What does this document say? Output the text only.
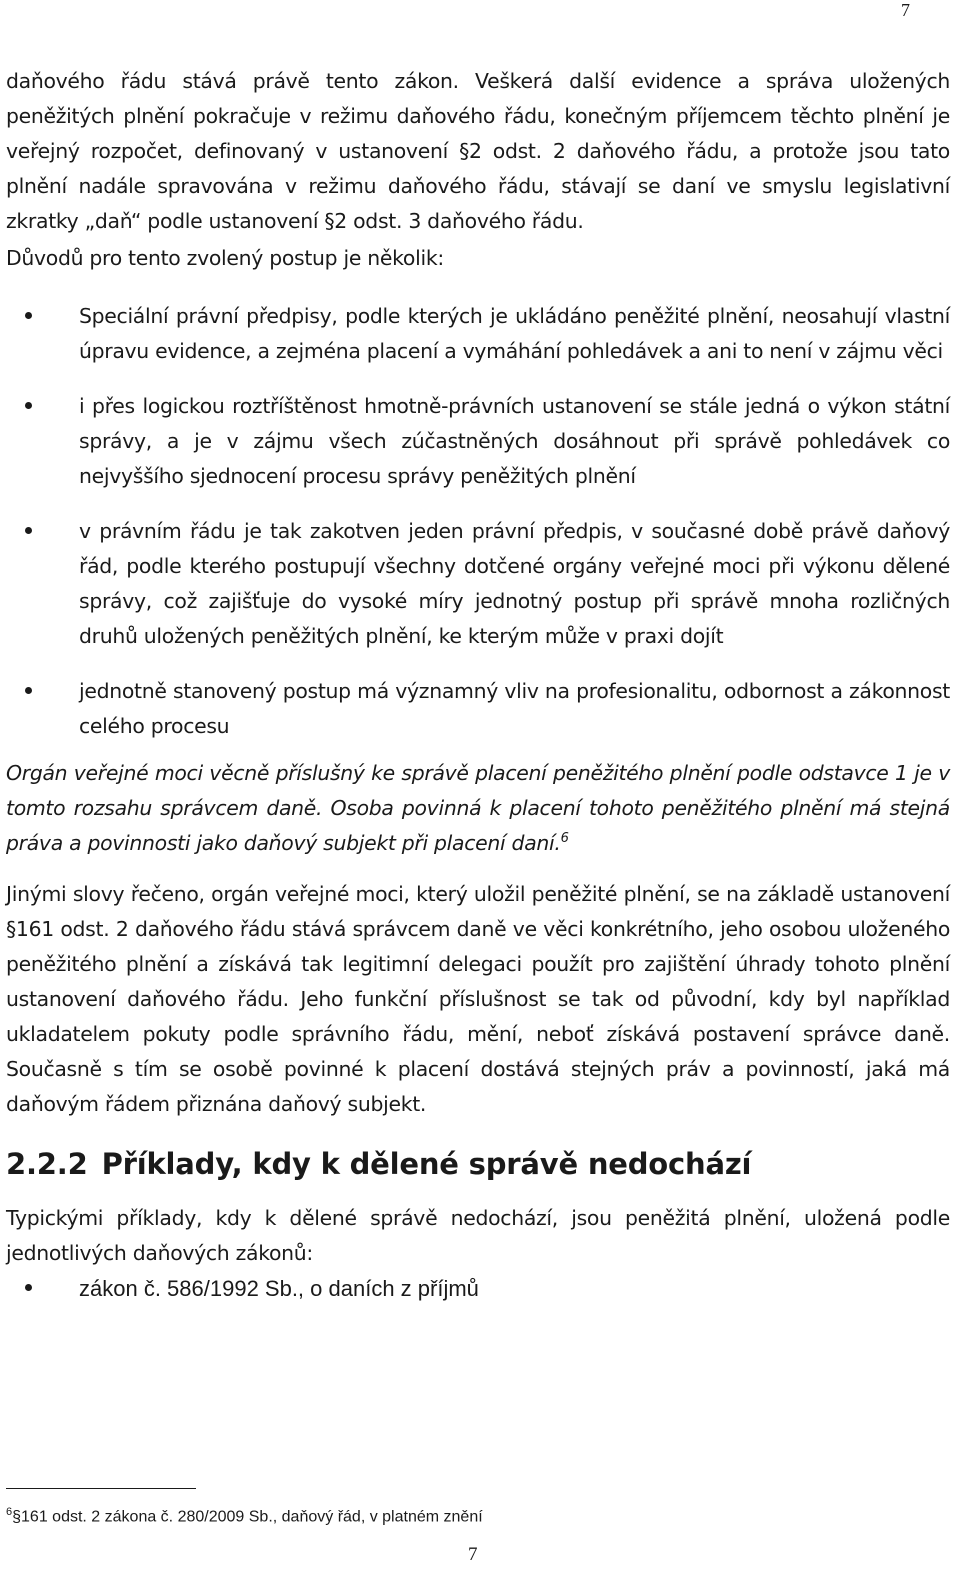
7

daňového řádu stává právě tento zákon. Veškerá další evidence a správa uložených peněžitých plnění pokračuje v režimu daňového řádu, konečným příjemcem těchto plnění je veřejný rozpočet, definovaný v ustanovení §2 odst. 2 daňového řádu, a protože jsou tato plnění nadále spravována v režimu daňového řádu, stávají se daní ve smyslu legislativní zkratky „daň“ podle ustanovení §2 odst. 3 daňového řádu.

Důvodů pro tento zvolený postup je několik:

Speciální právní předpisy, podle kterých je ukládáno peněžité plnění, neosahují vlastní úpravu evidence, a zejména placení a vymáhání pohledávek a ani to není v zájmu věci
i přes logickou roztříštěnost hmotně-právních ustanovení se stále jedná o výkon státní správy, a je v zájmu všech zúčastněných dosáhnout při správě pohledávek co nejvyššího sjednocení procesu správy peněžitých plnění
v právním řádu je tak zakotven jeden právní předpis, v současné době právě daňový řád, podle kterého postupují všechny dotčené orgány veřejné moci při výkonu dělené správy, což zajišťuje do vysoké míry jednotný postup při správě mnoha rozličných druhů uložených peněžitých plnění, ke kterým může v praxi dojít
jednotně stanovený postup má významný vliv na profesionalitu, odbornost a zákonnost celého procesu

Orgán veřejné moci věcně příslušný ke správě placení peněžitého plnění podle odstavce 1 je v tomto rozsahu správcem daně. Osoba povinná k placení tohoto peněžitého plnění má stejná práva a povinnosti jako daňový subjekt při placení daní.$^6$

Jinými slovy řečeno, orgán veřejné moci, který uložil peněžité plnění, se na základě ustanovení §161 odst. 2 daňového řádu stává správcem daně ve věci konkrétního, jeho osobou uloženého peněžitého plnění a získává tak legitimní delegaci použít pro zajištění úhrady tohoto plnění ustanovení daňového řádu. Jeho funkční příslušnost se tak od původní, kdy byl například ukladatelem pokuty podle správního řádu, mění, neboť získává postavení správce daně. Současně s tím se osobě povinné k placení dostává stejných práv a povinností, jaká má daňovým řádem přiznána daňový subjekt.

2.2.2 Příklady, kdy k dělené správě nedochází

Typickými příklady, kdy k dělené správě nedochází, jsou peněžitá plnění, uložená podle jednotlivých daňových zákonů:

zákon č. 586/1992 Sb., o daních z příjmů
$^6$§161 odst. 2 zákona č. 280/2009 Sb., daňový řád, v platném znění
7
